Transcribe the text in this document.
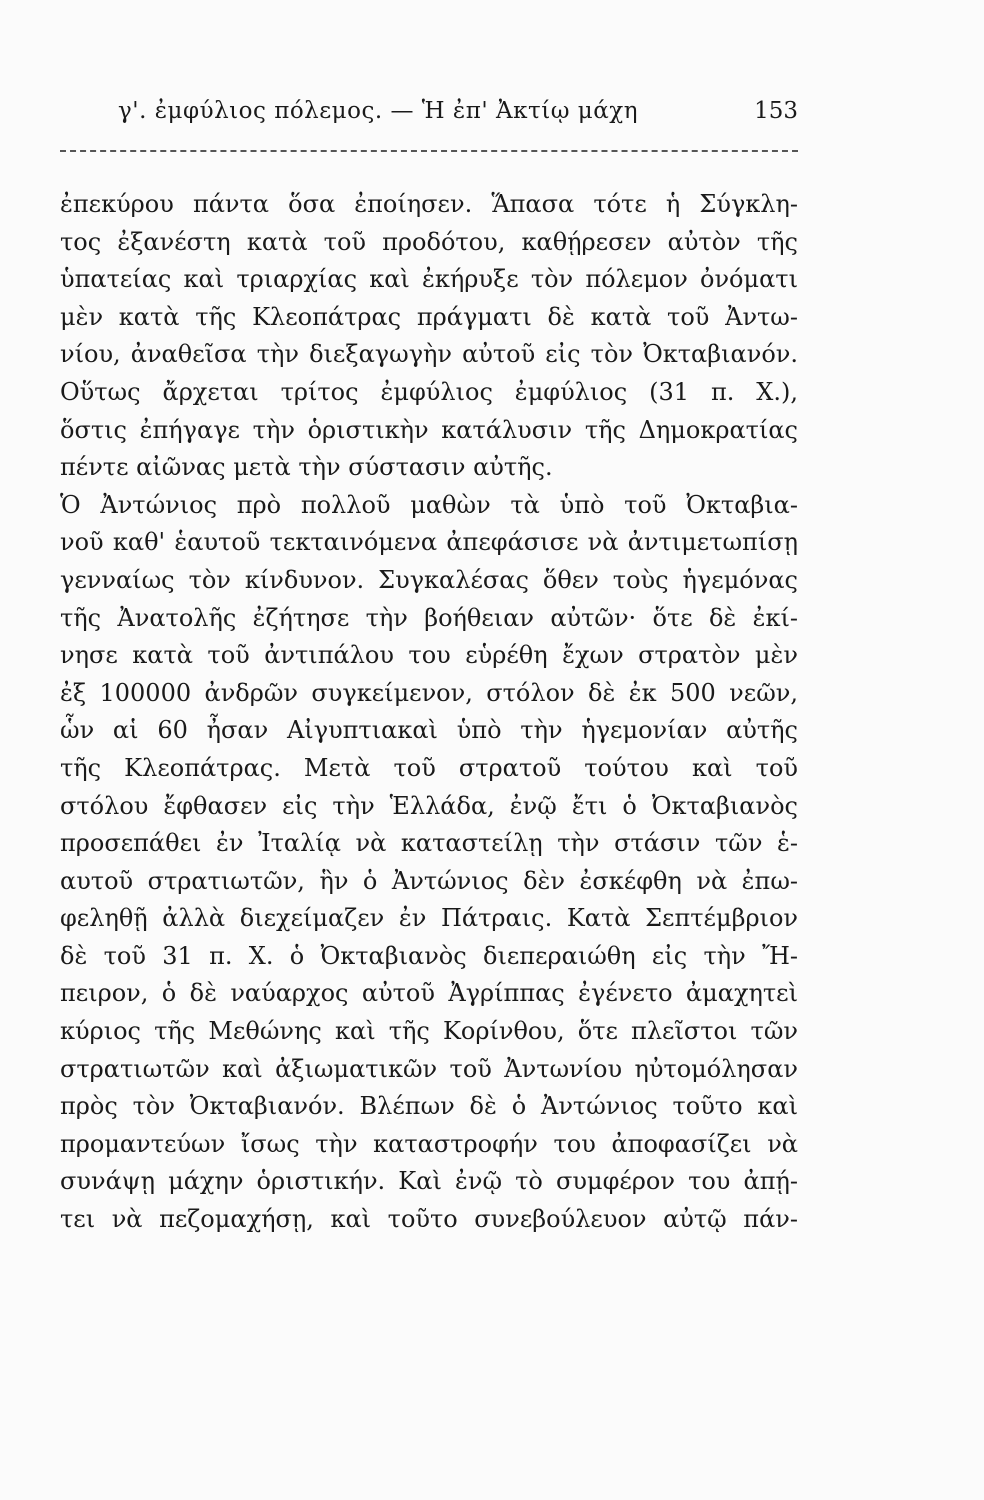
γ'. ἐμφύλιος πόλεμος. — Ἡ ἐπ' Ἀκτίῳ μάχη	153
ἐπεκύρου πάντα ὅσα ἐποίησεν. Ἅπασα τότε ἡ Σύγκλη-
τος ἐξανέστη κατὰ τοῦ προδότου, καθῄρεσεν αὐτὸν τῆς
ὑπατείας καὶ τριαρχίας καὶ ἐκήρυξε τὸν πόλεμον ὀνόματι
μὲν κατὰ τῆς Κλεοπάτρας πράγματι δὲ κατὰ τοῦ Ἀντω-
νίου, ἀναθεῖσα τὴν διεξαγωγὴν αὐτοῦ εἰς τὸν Ὀκταβιανόν.
Οὕτως ἄρχεται τρίτος ἐμφύλιος ἐμφύλιος (31 π. Χ.),
ὅστις ἐπήγαγε τὴν ὁριστικὴν κατάλυσιν τῆς Δημοκρατίας
πέντε αἰῶνας μετὰ τὴν σύστασιν αὐτῆς.
Ὁ Ἀντώνιος πρὸ πολλοῦ μαθὼν τὰ ὑπὸ τοῦ Ὀκταβια-
νοῦ καθ' ἑαυτοῦ τεκταινόμενα ἀπεφάσισε νὰ ἀντιμετωπίσῃ
γενναίως τὸν κίνδυνον. Συγκαλέσας ὅθεν τοὺς ἡγεμόνας
τῆς Ἀνατολῆς ἐζήτησε τὴν βοήθειαν αὐτῶν· ὅτε δὲ ἐκί-
νησε κατὰ τοῦ ἀντιπάλου του εὑρέθη ἔχων στρατὸν μὲν
ἐξ 100000 ἀνδρῶν συγκείμενον, στόλον δὲ ἐκ 500 νεῶν,
ὧν αἱ 60 ἦσαν Αἰγυπτιακαὶ ὑπὸ τὴν ἡγεμονίαν αὐτῆς
τῆς Κλεοπάτρας. Μετὰ τοῦ στρατοῦ τούτου καὶ τοῦ
στόλου ἔφθασεν εἰς τὴν Ἑλλάδα, ἐνῷ ἔτι ὁ Ὀκταβιανὸς
προσεπάθει ἐν Ἰταλίᾳ νὰ καταστείλῃ τὴν στάσιν τῶν ἑ-
αυτοῦ στρατιωτῶν, ἣν ὁ Ἀντώνιος δὲν ἐσκέφθη νὰ ἐπω-
φεληθῇ ἀλλὰ διεχείμαζεν ἐν Πάτραις. Κατὰ Σεπτέμβριον
δὲ τοῦ 31 π. Χ. ὁ Ὀκταβιανὸς διεπεραιώθη εἰς τὴν Ἤ-
πειρον, ὁ δὲ ναύαρχος αὐτοῦ Ἀγρίππας ἐγένετο ἀμαχητεὶ
κύριος τῆς Μεθώνης καὶ τῆς Κορίνθου, ὅτε πλεῖστοι τῶν
στρατιωτῶν καὶ ἀξιωματικῶν τοῦ Ἀντωνίου ηὐτομόλησαν
πρὸς τὸν Ὀκταβιανόν. Βλέπων δὲ ὁ Ἀντώνιος τοῦτο καὶ
προμαντεύων ἴσως τὴν καταστροφήν του ἀποφασίζει νὰ
συνάψῃ μάχην ὁριστικήν. Καὶ ἐνῷ τὸ συμφέρον του ἀπῄ-
τει νὰ πεζομαχήσῃ, καὶ τοῦτο συνεβούλευον αὐτῷ πάν-
